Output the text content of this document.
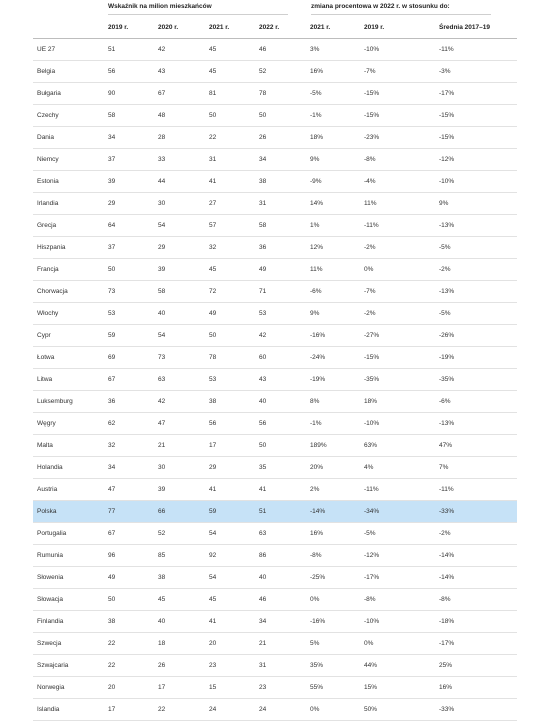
Wskaźnik na milion mieszkańców	zmiana procentowa w 2022 r. w stosunku do:
	2019 r.	2020 r.	2021 r.	2022 r.	2021 r.	2019 r.		Średnia 2017–19
UE 27	51	42	45	46	3%	-10%		-11%
Belgia	56	43	45	52	16%	-7%		-3%
Bułgaria	90	67	81	78	-5%	-15%		-17%
Czechy	58	48	50	50	-1%	-15%		-15%
Dania	34	28	22	26	18%	-23%		-15%
Niemcy	37	33	31	34	9%	-8%		-12%
Estonia	39	44	41	38	-9%	-4%		-10%
Irlandia	29	30	27	31	14%	11%		9%
Grecja	64	54	57	58	1%	-11%		-13%
Hiszpania	37	29	32	36	12%	-2%		-5%
Francja	50	39	45	49	11%	0%		-2%
Chorwacja	73	58	72	71	-6%	-7%		-13%
Włochy	53	40	49	53	9%	-2%		-5%
Cypr	59	54	50	42	-16%	-27%		-26%
Łotwa	69	73	78	60	-24%	-15%		-19%
Litwa	67	63	53	43	-19%	-35%		-35%
Luksemburg	36	42	38	40	8%	18%		-6%
Węgry	62	47	56	56	-1%	-10%		-13%
Malta	32	21	17	50	189%	63%		47%
Holandia	34	30	29	35	20%	4%		7%
Austria	47	39	41	41	2%	-11%		-11%
Polska	77	66	59	51	-14%	-34%		-33%
Portugalia	67	52	54	63	16%	-5%		-2%
Rumunia	96	85	92	86	-8%	-12%		-14%
Słowenia	49	38	54	40	-25%	-17%		-14%
Słowacja	50	45	45	46	0%	-8%		-8%
Finlandia	38	40	41	34	-16%	-10%		-18%
Szwecja	22	18	20	21	5%	0%		-17%
Szwajcaria	22	26	23	31	35%	44%		25%
Norwegia	20	17	15	23	55%	15%		16%
Islandia	17	22	24	24	0%	50%		-33%
